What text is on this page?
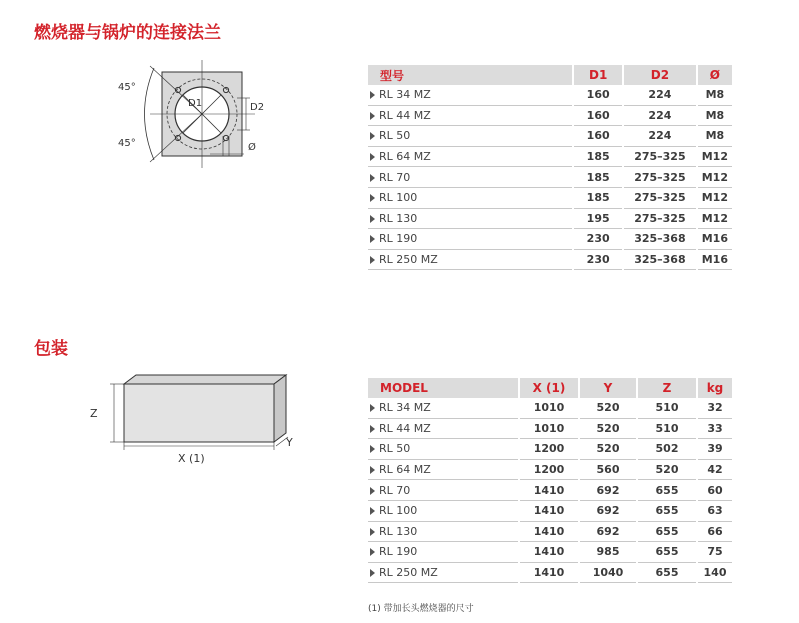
燃烧器与锅炉的连接法兰
45°
45°
D1	D2
Ø
型号	D1	D2	Ø
RL 34 MZ	160	224	M8
RL 44 MZ	160	224	M8
RL 50	160	224	M8
RL 64 MZ	185	275–325	M12
RL 70	185	275–325	M12
RL 100	185	275–325	M12
RL 130	195	275–325	M12
RL 190	230	325–368	M16
RL 250 MZ	230	325–368	M16
包装
Z
X (1)
Y
MODEL	X (1)	Y	Z	kg
RL 34 MZ	1010	520	510	32
RL 44 MZ	1010	520	510	33
RL 50	1200	520	502	39
RL 64 MZ	1200	560	520	42
RL 70	1410	692	655	60
RL 100	1410	692	655	63
RL 130	1410	692	655	66
RL 190	1410	985	655	75
RL 250 MZ	1410	1040	655	140
(1) 带加长头燃烧器的尺寸
